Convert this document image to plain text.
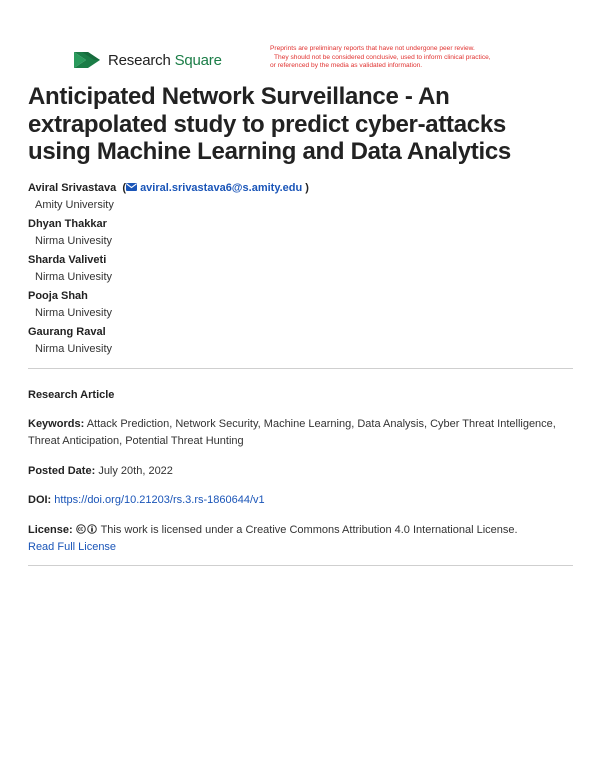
Research Square
Preprints are preliminary reports that have not undergone peer review.
They should not be considered conclusive, used to inform clinical practice,
or referenced by the media as validated information.
Anticipated Network Surveillance - An extrapolated study to predict cyber-attacks using Machine Learning and Data Analytics
Aviral Srivastava  ( aviral.srivastava6@s.amity.edu )
Amity University
Dhyan Thakkar
Nirma Univesity
Sharda Valiveti
Nirma Univesity
Pooja Shah
Nirma Univesity
Gaurang Raval
Nirma Univesity
Research Article
Keywords: Attack Prediction, Network Security, Machine Learning, Data Analysis, Cyber Threat Intelligence, Threat Anticipation, Potential Threat Hunting
Posted Date: July 20th, 2022
DOI: https://doi.org/10.21203/rs.3.rs-1860644/v1
License:	This work is licensed under a Creative Commons Attribution 4.0 International License.
Read Full License
